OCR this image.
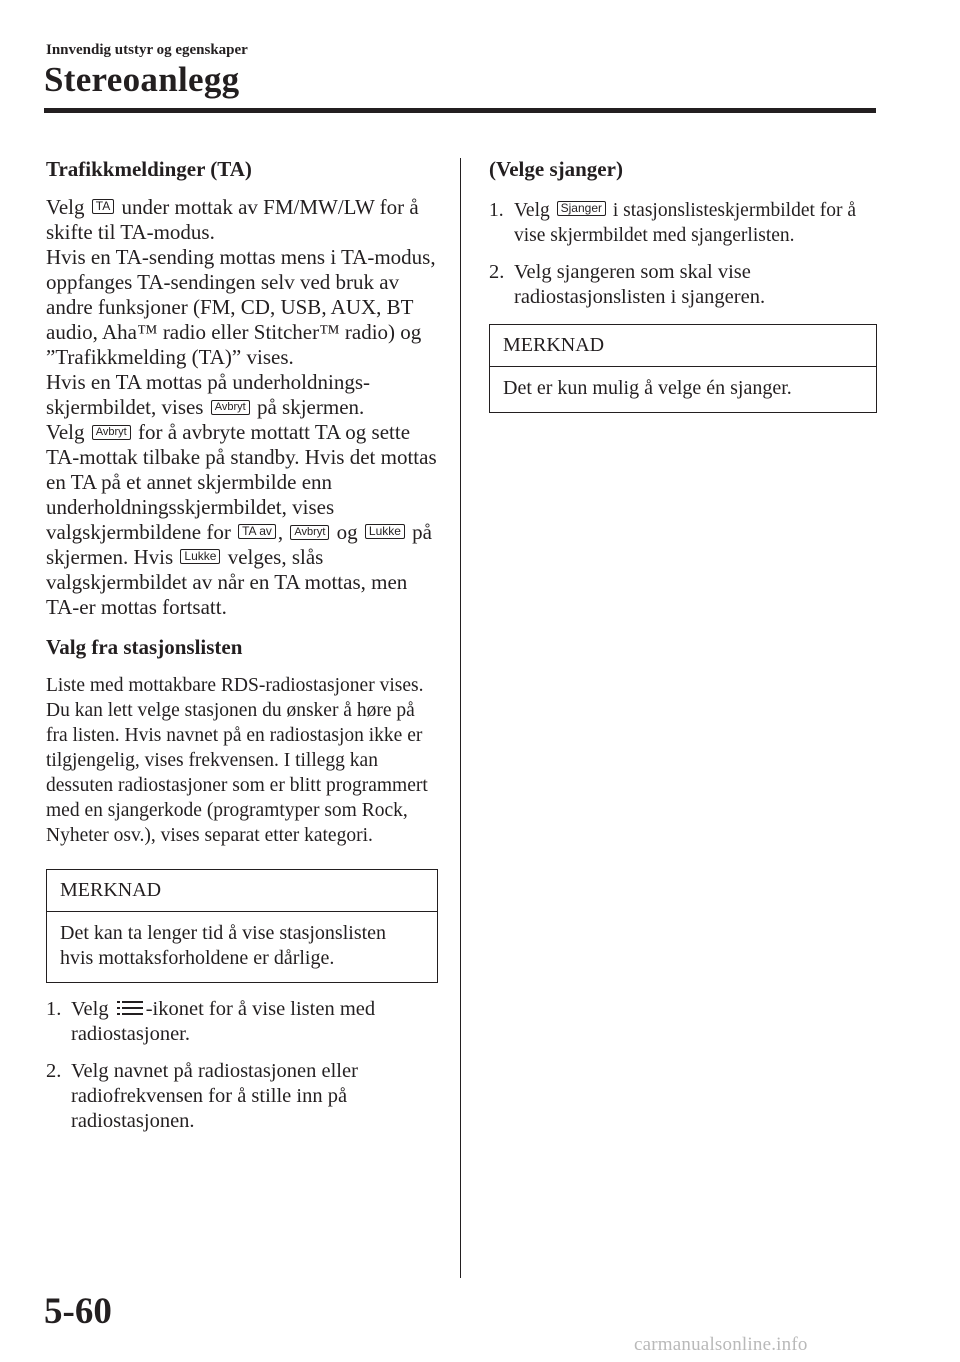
Innvendig utstyr og egenskaper
Stereoanlegg
Trafikkmeldinger (TA)

Velg TA under mottak av FM/MW/LW for å skifte til TA-modus.
Hvis en TA-sending mottas mens i TA-modus, oppfanges TA-sendingen selv ved bruk av andre funksjoner (FM, CD, USB, AUX, BT audio, Aha™ radio eller Stitcher™ radio) og ”Trafikkmelding (TA)” vises.
Hvis en TA mottas på underholdnings-skjermbildet, vises Avbryt på skjermen.
Velg Avbryt for å avbryte mottatt TA og sette TA-mottak tilbake på standby. Hvis det mottas en TA på et annet skjermbilde enn underholdningsskjermbildet, vises valgskjermbildene for TA av , Avbryt og Lukke på skjermen. Hvis Lukke velges, slås valgskjermbildet av når en TA mottas, men TA-er mottas fortsatt.

Valg fra stasjonslisten

Liste med mottakbare RDS-radiostasjoner vises. Du kan lett velge stasjonen du ønsker å høre på fra listen. Hvis navnet på en radiostasjon ikke er tilgjengelig, vises frekvensen. I tillegg kan dessuten radiostasjoner som er blitt programmert med en sjangerkode (programtyper som Rock, Nyheter osv.), vises separat etter kategori.

MERKNAD
Det kan ta lenger tid å vise stasjonslisten hvis mottaksforholdene er dårlige.
1. Velg -ikonet for å vise listen med radiostasjoner.
2. Velg navnet på radiostasjonen eller radiofrekvensen for å stille inn på radiostasjonen.
(Velge sjanger)
1. Velg Sjanger i stasjonslisteskjermbildet for å vise skjermbildet med sjangerlisten.
2. Velg sjangeren som skal vise radiostasjonslisten i sjangeren.
MERKNAD
Det er kun mulig å velge én sjanger.
5-60
carmanualsonline.info
